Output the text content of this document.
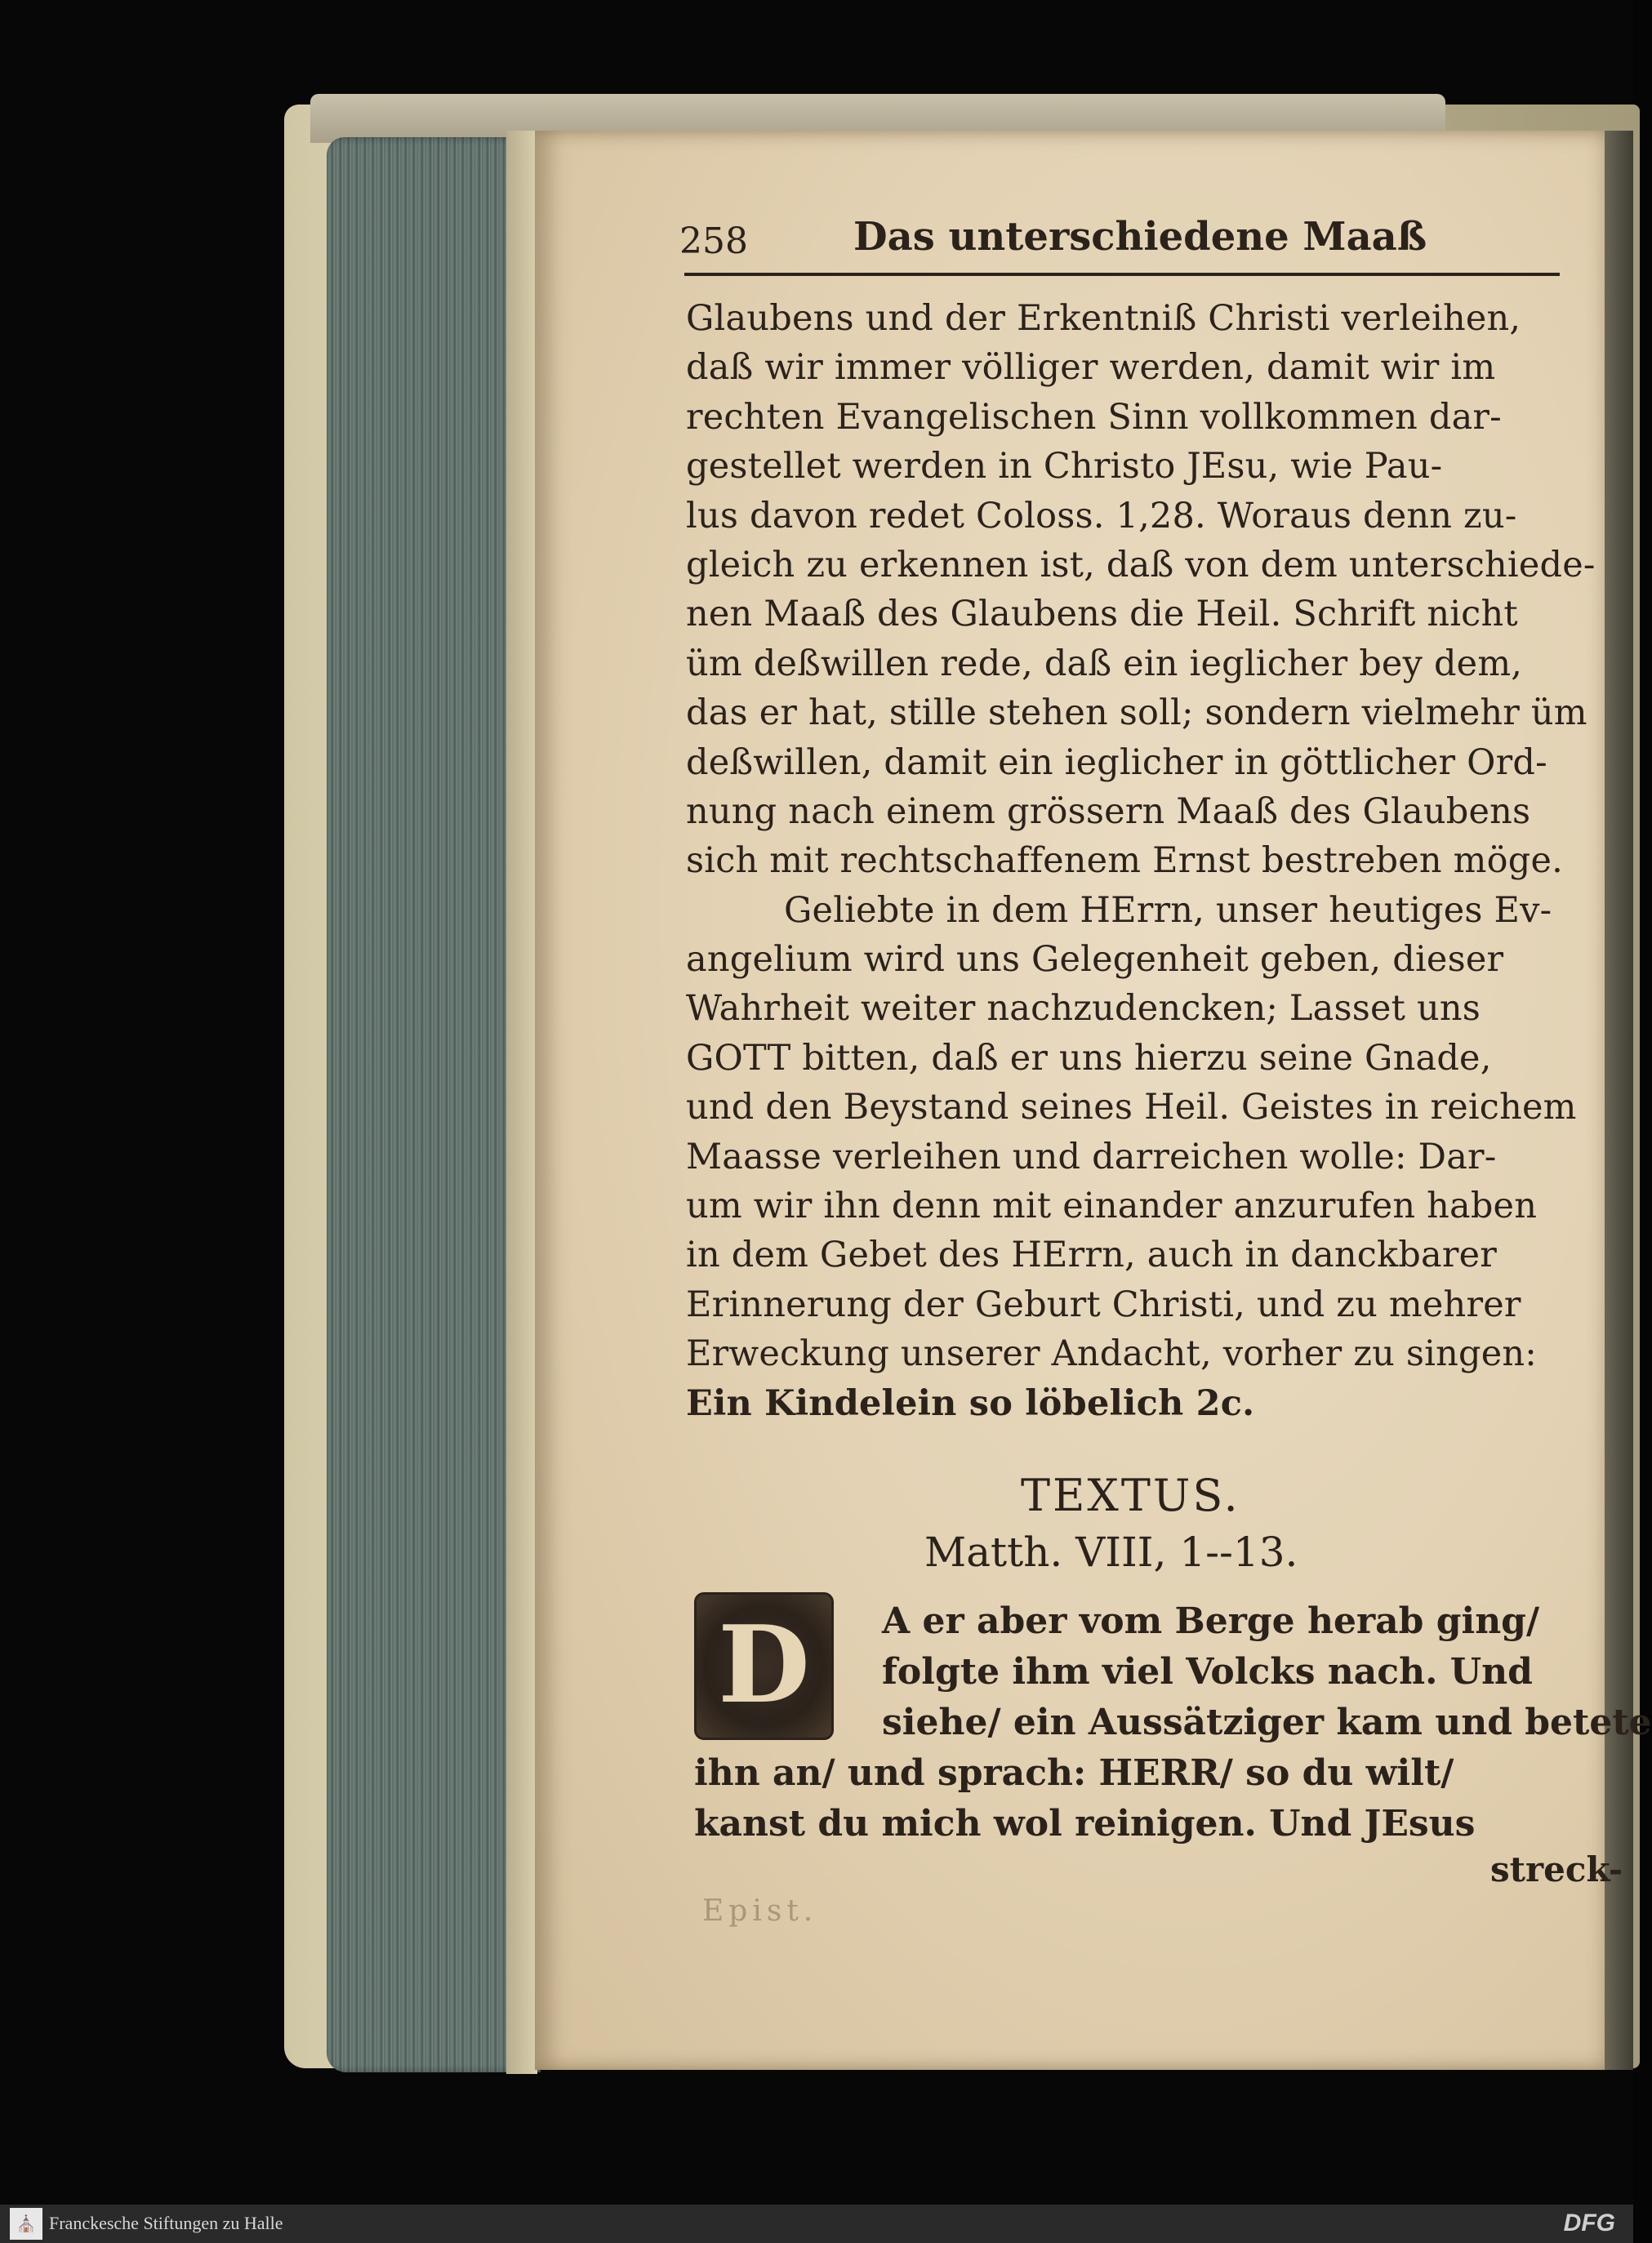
258	Das unterschiedene Maaß
Glaubens und der Erkentniß Christi verleihen,
daß wir immer völliger werden, damit wir im
rechten Evangelischen Sinn vollkommen dar-
gestellet werden in Christo JEsu, wie Pau-
lus davon redet Coloss. 1,28. Woraus denn zu-
gleich zu erkennen ist, daß von dem unterschiede-
nen Maaß des Glaubens die Heil. Schrift nicht
üm deßwillen rede, daß ein ieglicher bey dem,
das er hat, stille stehen soll; sondern vielmehr üm
deßwillen, damit ein ieglicher in göttlicher Ord-
nung nach einem grössern Maaß des Glaubens
sich mit rechtschaffenem Ernst bestreben möge.
Geliebte in dem HErrn, unser heutiges Ev-
angelium wird uns Gelegenheit geben, dieser
Wahrheit weiter nachzudencken; Lasset uns
GOTT bitten, daß er uns hierzu seine Gnade,
und den Beystand seines Heil. Geistes in reichem
Maasse verleihen und darreichen wolle: Dar-
um wir ihn denn mit einander anzurufen haben
in dem Gebet des HErrn, auch in danckbarer
Erinnerung der Geburt Christi, und zu mehrer
Erweckung unserer Andacht, vorher zu singen:
Ein Kindelein so löbelich 2c.
TEXTUS.
Matth. VIII, 1--13.
D	A er aber vom Berge herab ging/
folgte ihm viel Volcks nach. Und
siehe/ ein Aussätziger kam und betete
ihn an/ und sprach: HERR/ so du wilt/
kanst du mich wol reinigen. Und JEsus
streck-
Epist.
⛪ Franckesche Stiftungen zu Halle	DFG
